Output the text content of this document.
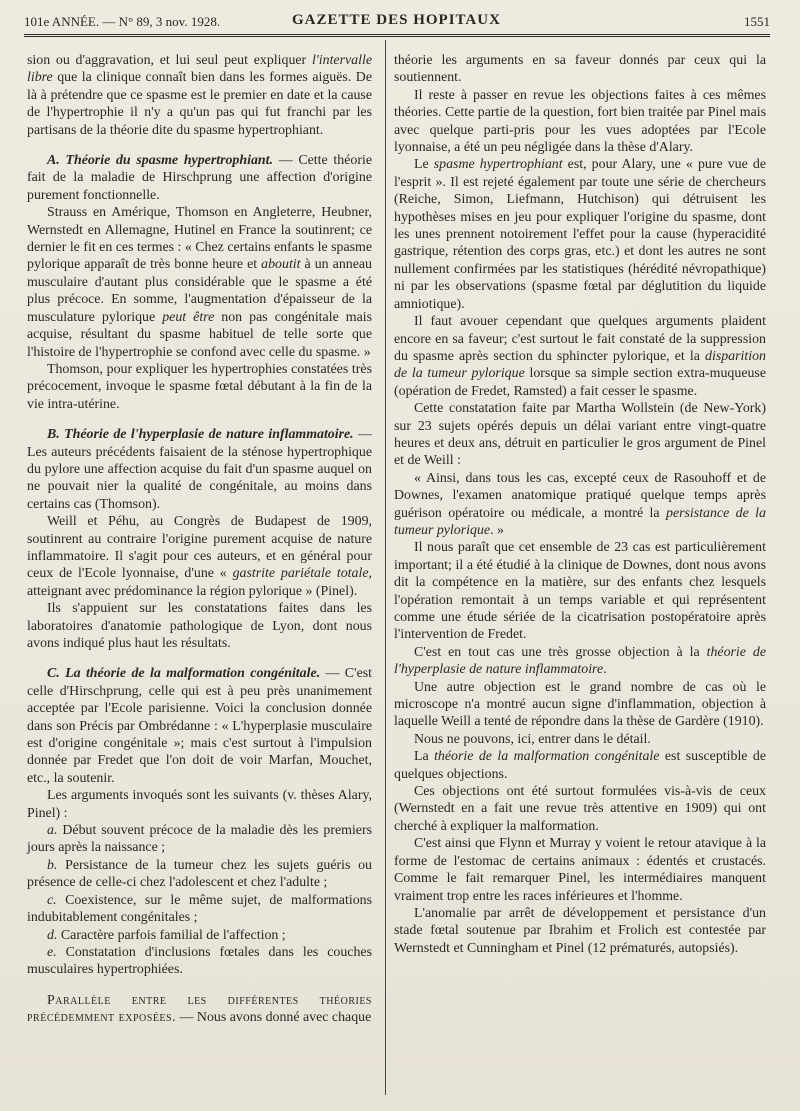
101e ANNÉE. — N° 89, 3 nov. 1928.	GAZETTE DES HOPITAUX	1551

sion ou d'aggravation, et lui seul peut expliquer l'intervalle libre que la clinique connaît bien dans les formes aiguës. De là à prétendre que ce spasme est le premier en date et la cause de l'hypertrophie il n'y a qu'un pas qui fut franchi par les partisans de la théorie dite du spasme hypertrophiant.

A. Théorie du spasme hypertrophiant. — Cette théorie fait de la maladie de Hirschprung une affection d'origine purement fonctionnelle.

Strauss en Amérique, Thomson en Angleterre, Heubner, Wernstedt en Allemagne, Hutinel en France la soutinrent; ce dernier le fit en ces termes : « Chez certains enfants le spasme pylorique apparaît de très bonne heure et aboutit à un anneau musculaire d'autant plus considérable que le spasme a été plus précoce. En somme, l'augmentation d'épaisseur de la musculature pylorique peut être non pas congénitale mais acquise, résultant du spasme habituel de telle sorte que l'histoire de l'hypertrophie se confond avec celle du spasme. »

Thomson, pour expliquer les hypertrophies constatées très précocement, invoque le spasme fœtal débutant à la fin de la vie intra-utérine.

B. Théorie de l'hyperplasie de nature inflammatoire. — Les auteurs précédents faisaient de la sténose hypertrophique du pylore une affection acquise du fait d'un spasme auquel on ne pouvait nier la qualité de congénitale, au moins dans certains cas (Thomson).

Weill et Péhu, au Congrès de Budapest de 1909, soutinrent au contraire l'origine purement acquise de nature inflammatoire. Il s'agit pour ces auteurs, et en général pour ceux de l'Ecole lyonnaise, d'une « gastrite pariétale totale, atteignant avec prédominance la région pylorique » (Pinel).

Ils s'appuient sur les constatations faites dans les laboratoires d'anatomie pathologique de Lyon, dont nous avons indiqué plus haut les résultats.

C. La théorie de la malformation congénitale. — C'est celle d'Hirschprung, celle qui est à peu près unanimement acceptée par l'Ecole parisienne. Voici la conclusion donnée dans son Précis par Ombrédanne : « L'hyperplasie musculaire est d'origine congénitale »; mais c'est surtout à l'impulsion donnée par Fredet que l'on doit de voir Marfan, Mouchet, etc., la soutenir.

Les arguments invoqués sont les suivants (v. thèses Alary, Pinel) :

a. Début souvent précoce de la maladie dès les premiers jours après la naissance ;

b. Persistance de la tumeur chez les sujets guéris ou présence de celle-ci chez l'adolescent et chez l'adulte ;

c. Coexistence, sur le même sujet, de malformations indubitablement congénitales ;

d. Caractère parfois familial de l'affection ;

e. Constatation d'inclusions fœtales dans les couches musculaires hypertrophiées.

Parallèle entre les différentes théories précédemment exposées. — Nous avons donné avec chaque

théorie les arguments en sa faveur donnés par ceux qui la soutiennent.

Il reste à passer en revue les objections faites à ces mêmes théories. Cette partie de la question, fort bien traitée par Pinel mais avec quelque parti-pris pour les vues adoptées par l'Ecole lyonnaise, a été un peu négligée dans la thèse d'Alary.

Le spasme hypertrophiant est, pour Alary, une « pure vue de l'esprit ». Il est rejeté également par toute une série de chercheurs (Reiche, Simon, Liefmann, Hutchison) qui détruisent les hypothèses mises en jeu pour expliquer l'origine du spasme, dont les unes prennent notoirement l'effet pour la cause (hyperacidité gastrique, rétention des corps gras, etc.) et dont les autres ne sont nullement confirmées par les statistiques (hérédité névropathique) ni par les observations (spasme fœtal par déglutition du liquide amniotique).

Il faut avouer cependant que quelques arguments plaident encore en sa faveur; c'est surtout le fait constaté de la suppression du spasme après section du sphincter pylorique, et la disparition de la tumeur pylorique lorsque sa simple section extra-muqueuse (opération de Fredet, Ramsted) a fait cesser le spasme.

Cette constatation faite par Martha Wollstein (de New-York) sur 23 sujets opérés depuis un délai variant entre vingt-quatre heures et deux ans, détruit en particulier le gros argument de Pinel et de Weill :

« Ainsi, dans tous les cas, excepté ceux de Rasouhoff et de Downes, l'examen anatomique pratiqué quelque temps après guérison opératoire ou médicale, a montré la persistance de la tumeur pylorique. »

Il nous paraît que cet ensemble de 23 cas est particulièrement important; il a été étudié à la clinique de Downes, dont nous avons dit la compétence en la matière, sur des enfants chez lesquels l'opération remontait à un temps variable et qui représentent comme une étude sériée de la cicatrisation postopératoire après l'intervention de Fredet.

C'est en tout cas une très grosse objection à la théorie de l'hyperplasie de nature inflammatoire.

Une autre objection est le grand nombre de cas où le microscope n'a montré aucun signe d'inflammation, objection à laquelle Weill a tenté de répondre dans la thèse de Gardère (1910).

Nous ne pouvons, ici, entrer dans le détail.

La théorie de la malformation congénitale est susceptible de quelques objections.

Ces objections ont été surtout formulées vis-à-vis de ceux (Wernstedt en a fait une revue très attentive en 1909) qui ont cherché à expliquer la malformation.

C'est ainsi que Flynn et Murray y voient le retour atavique à la forme de l'estomac de certains animaux : édentés et crustacés. Comme le fait remarquer Pinel, les intermédiaires manquent vraiment trop entre les races inférieures et l'homme.

L'anomalie par arrêt de développement et persistance d'un stade fœtal soutenue par Ibrahim et Frolich est contestée par Wernstedt et Cunningham et Pinel (12 prématurés, autopsiés).
